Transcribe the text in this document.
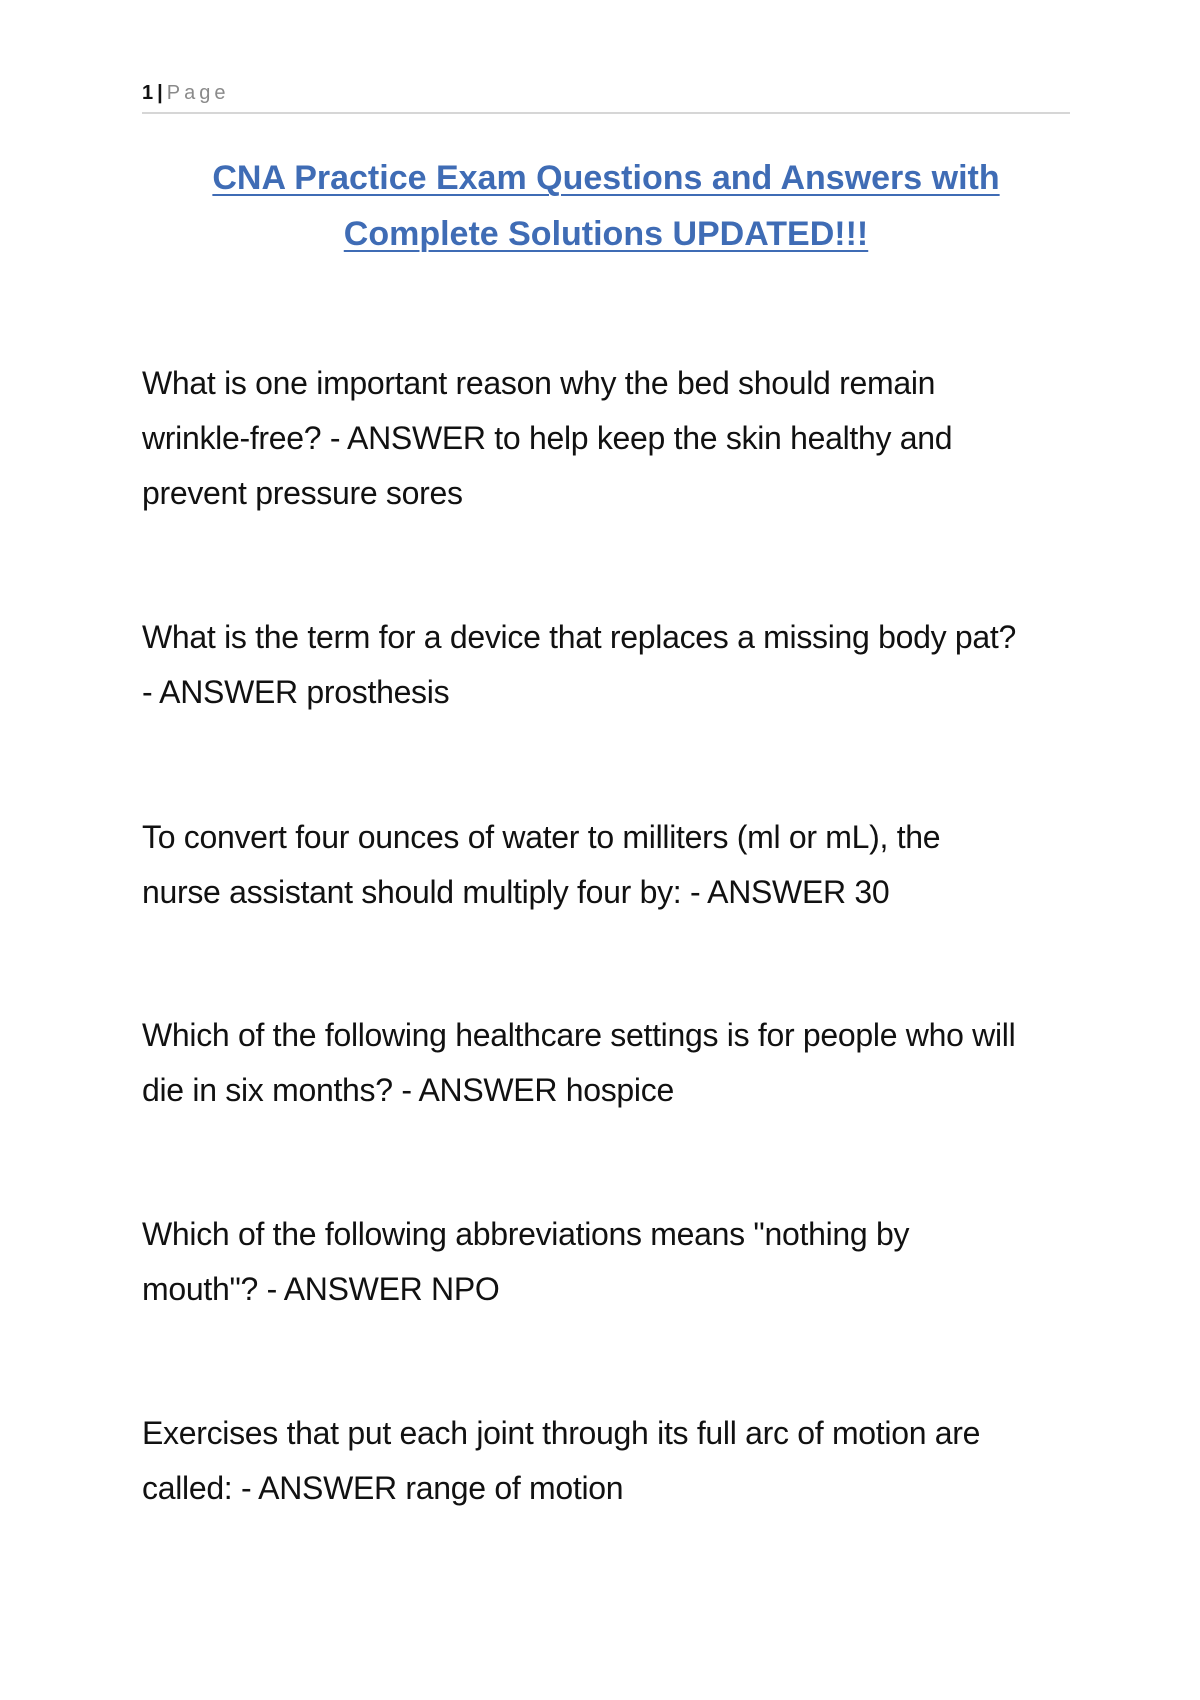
1 | Page
CNA Practice Exam Questions and Answers with
Complete Solutions UPDATED!!!

What is one important reason why the bed should remain

wrinkle-free? - ANSWER to help keep the skin healthy and

prevent pressure sores

What is the term for a device that replaces a missing body pat?

- ANSWER prosthesis

To convert four ounces of water to milliters (ml or mL), the

nurse assistant should multiply four by: - ANSWER 30

Which of the following healthcare settings is for people who will

die in six months? - ANSWER hospice

Which of the following abbreviations means "nothing by

mouth"? - ANSWER NPO

Exercises that put each joint through its full arc of motion are

called: - ANSWER range of motion
